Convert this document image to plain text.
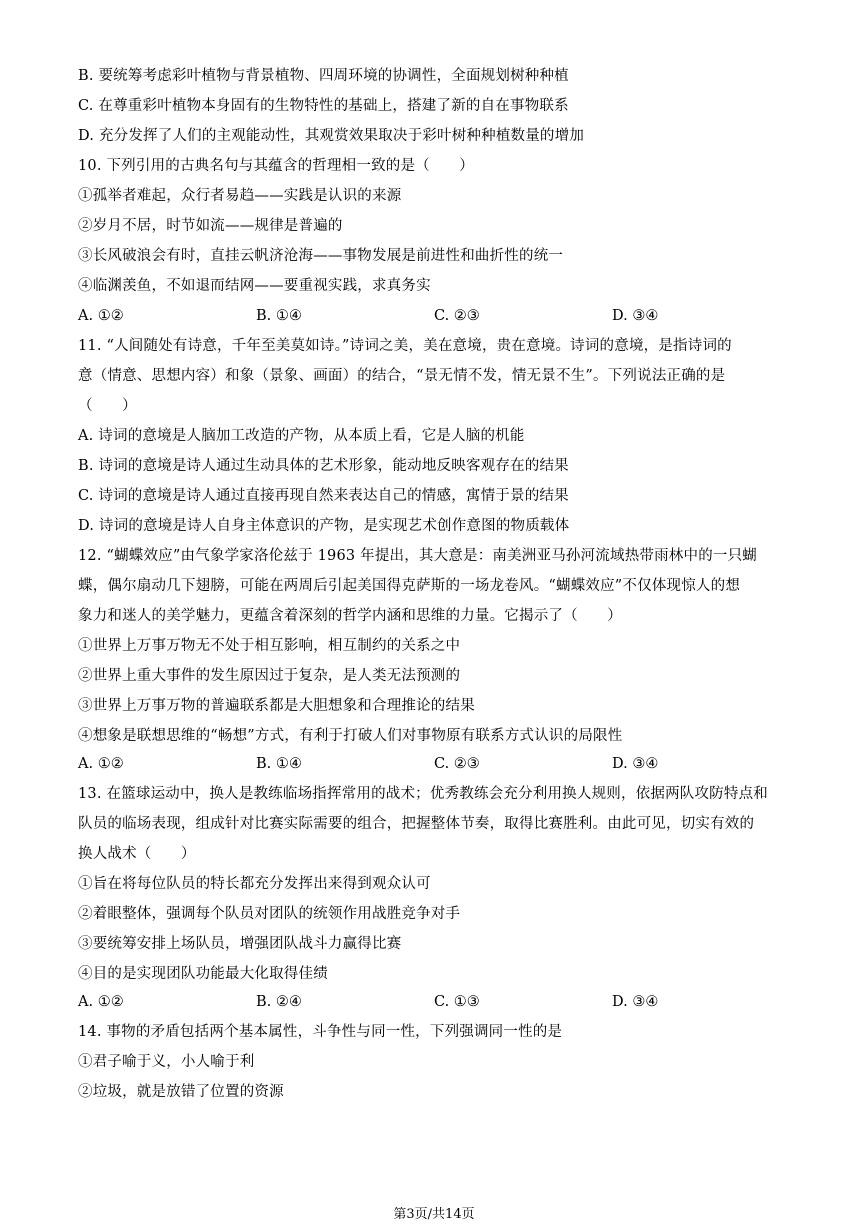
B. 要统筹考虑彩叶植物与背景植物、四周环境的协调性，全面规划树种种植
C. 在尊重彩叶植物本身固有的生物特性的基础上，搭建了新的自在事物联系
D. 充分发挥了人们的主观能动性，其观赏效果取决于彩叶树种种植数量的增加
10. 下列引用的古典名句与其蕴含的哲理相一致的是（　　）
①孤举者难起，众行者易趋——实践是认识的来源
②岁月不居，时节如流——规律是普遍的
③长风破浪会有时，直挂云帆济沧海——事物发展是前进性和曲折性的统一
④临渊羡鱼，不如退而结网——要重视实践，求真务实
A. ①②	B. ①④	C. ②③	D. ③④
11. “人间随处有诗意，千年至美莫如诗。”诗词之美，美在意境，贵在意境。诗词的意境，是指诗词的
意（情意、思想内容）和象（景象、画面）的结合，“景无情不发，情无景不生”。下列说法正确的是
（　　）
A. 诗词的意境是人脑加工改造的产物，从本质上看，它是人脑的机能
B. 诗词的意境是诗人通过生动具体的艺术形象，能动地反映客观存在的结果
C. 诗词的意境是诗人通过直接再现自然来表达自己的情感，寓情于景的结果
D. 诗词的意境是诗人自身主体意识的产物，是实现艺术创作意图的物质载体
12. “蝴蝶效应”由气象学家洛伦兹于 1963 年提出，其大意是：南美洲亚马孙河流域热带雨林中的一只蝴
蝶，偶尔扇动几下翅膀，可能在两周后引起美国得克萨斯的一场龙卷风。“蝴蝶效应”不仅体现惊人的想
象力和迷人的美学魅力，更蕴含着深刻的哲学内涵和思维的力量。它揭示了（　　）
①世界上万事万物无不处于相互影响，相互制约的关系之中
②世界上重大事件的发生原因过于复杂，是人类无法预测的
③世界上万事万物的普遍联系都是大胆想象和合理推论的结果
④想象是联想思维的“畅想”方式，有利于打破人们对事物原有联系方式认识的局限性
A. ①②	B. ①④	C. ②③	D. ③④
13. 在篮球运动中，换人是教练临场指挥常用的战术；优秀教练会充分利用换人规则，依据两队攻防特点和
队员的临场表现，组成针对比赛实际需要的组合，把握整体节奏，取得比赛胜利。由此可见，切实有效的
换人战术（　　）
①旨在将每位队员的特长都充分发挥出来得到观众认可
②着眼整体，强调每个队员对团队的统领作用战胜竞争对手
③要统筹安排上场队员，增强团队战斗力赢得比赛
④目的是实现团队功能最大化取得佳绩
A. ①②	B. ②④	C. ①③	D. ③④
14. 事物的矛盾包括两个基本属性，斗争性与同一性，下列强调同一性的是
①君子喻于义，小人喻于利
②垃圾，就是放错了位置的资源
第3页/共14页
